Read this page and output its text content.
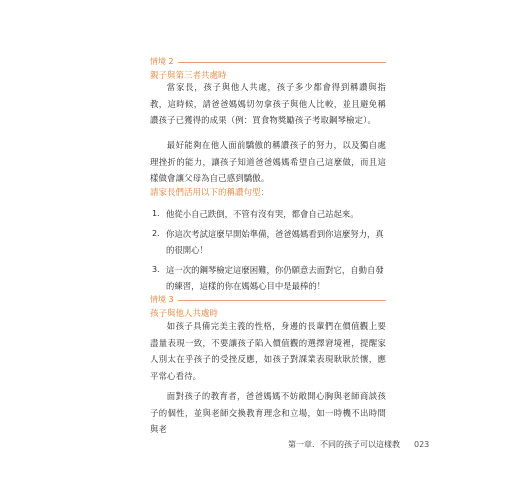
情境 2
親子與第三者共處時

當家長，孩子與他人共處，孩子多少都會得到稱讚與指教，這時候，請爸爸媽媽切勿拿孩子與他人比較，並且避免稱讚孩子已獲得的成果（例：買食物獎勵孩子考取鋼琴檢定）。

最好能夠在他人面前驕傲的稱讚孩子的努力，以及獨自處理挫折的能力，讓孩子知道爸爸媽媽希望自己這麼做，而且這樣做會讓父母為自己感到驕傲。

請家長們活用以下的稱讚句型：
1． 他從小自己跌倒，不管有沒有哭，都會自己站起來。
2． 你這次考試這麼早開始準備，爸爸媽媽看到你這麼努力，真的很開心！
3． 這一次的鋼琴檢定這麼困難，你仍願意去面對它，自動自發的練習，這樣的你在媽媽心目中是最棒的！
情境 3
孩子與他人共處時

如孩子具備完美主義的性格，身邊的長輩們在價值觀上要盡量表現一致，不要讓孩子陷入價值觀的選擇窘境裡，提醒家人別太在乎孩子的受挫反應，如孩子對課業表現耿耿於懷，應平常心看待。

面對孩子的教育者，爸爸媽媽不妨敞開心胸與老師商談孩子的個性，並與老師交換教育理念和立場，如一時機不出時間與老

第一章．不同的孩子可以這樣教 023
